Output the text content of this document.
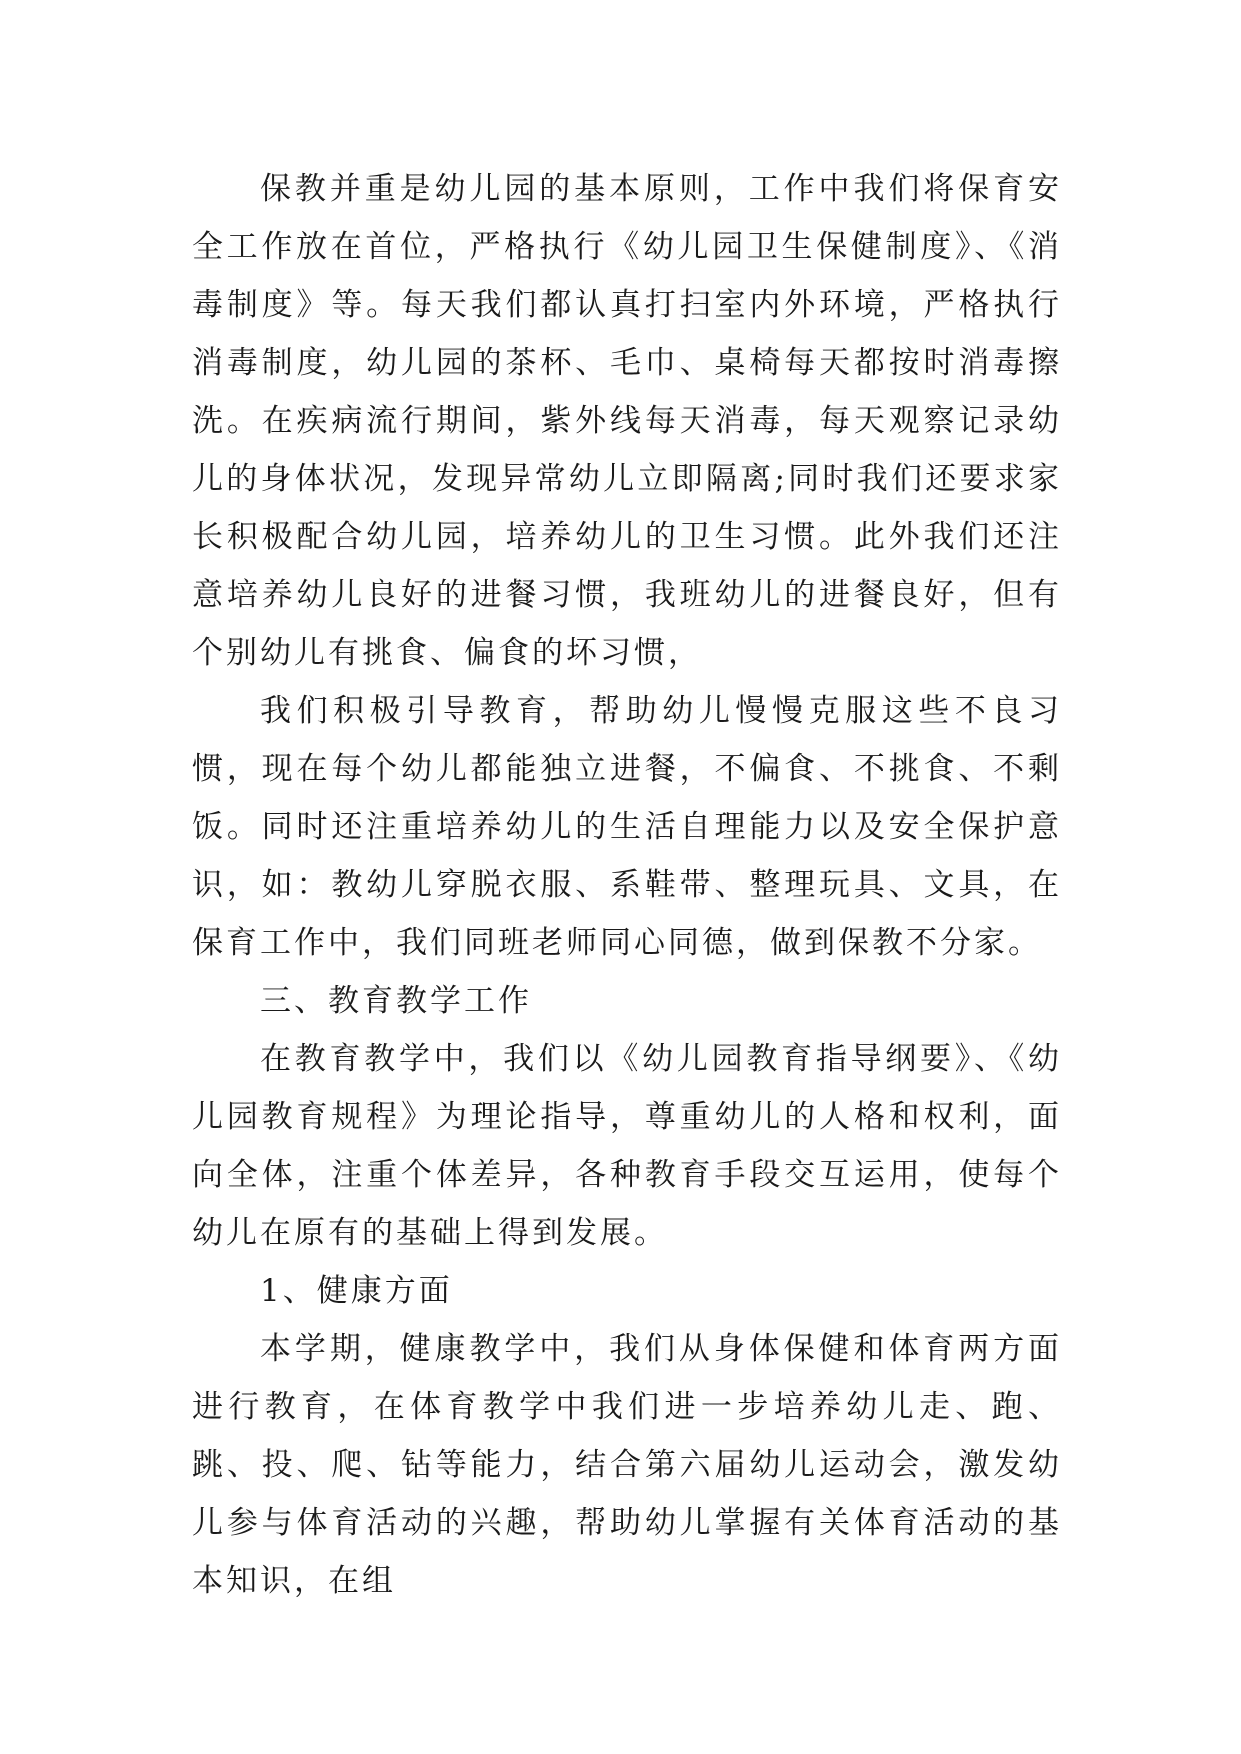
保教并重是幼儿园的基本原则，工作中我们将保育安全工作放在首位，严格执行《幼儿园卫生保健制度》、《消毒制度》等。每天我们都认真打扫室内外环境，严格执行消毒制度，幼儿园的茶杯、毛巾、桌椅每天都按时消毒擦洗。在疾病流行期间，紫外线每天消毒，每天观察记录幼儿的身体状况，发现异常幼儿立即隔离;同时我们还要求家长积极配合幼儿园，培养幼儿的卫生习惯。此外我们还注意培养幼儿良好的进餐习惯，我班幼儿的进餐良好，但有个别幼儿有挑食、偏食的坏习惯，

我们积极引导教育，帮助幼儿慢慢克服这些不良习惯，现在每个幼儿都能独立进餐，不偏食、不挑食、不剩饭。同时还注重培养幼儿的生活自理能力以及安全保护意识，如：教幼儿穿脱衣服、系鞋带、整理玩具、文具，在保育工作中，我们同班老师同心同德，做到保教不分家。

三、教育教学工作

在教育教学中，我们以《幼儿园教育指导纲要》、《幼儿园教育规程》为理论指导，尊重幼儿的人格和权利，面向全体，注重个体差异，各种教育手段交互运用，使每个幼儿在原有的基础上得到发展。

1、健康方面

本学期，健康教学中，我们从身体保健和体育两方面进行教育，在体育教学中我们进一步培养幼儿走、跑、跳、投、爬、钻等能力，结合第六届幼儿运动会，激发幼儿参与体育活动的兴趣，帮助幼儿掌握有关体育活动的基本知识，在组
